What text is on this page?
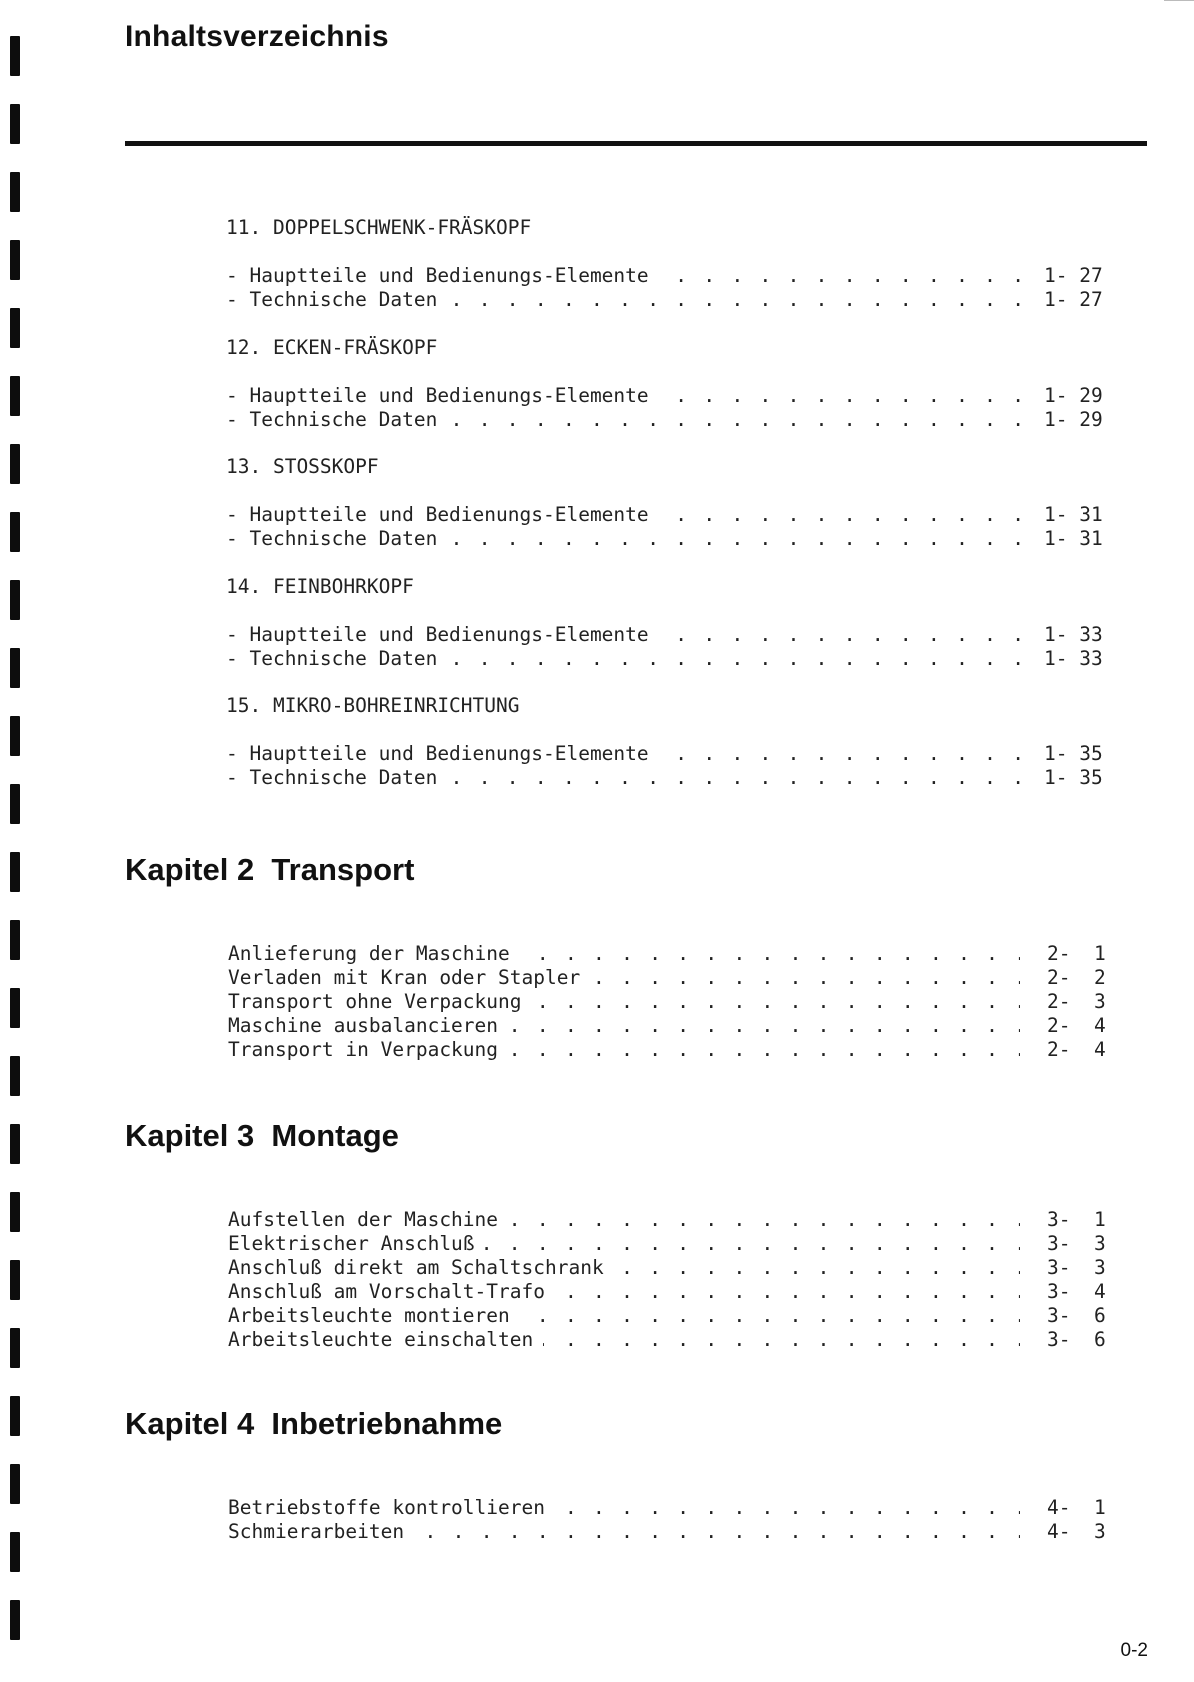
Inhaltsverzeichnis
11. DOPPELSCHWENK-FRÄSKOPF
. . .
- Hauptteile und Bedienungs-Elemente	1- 27
. . .
- Technische Daten	1- 27
12. ECKEN-FRÄSKOPF
. . .
- Hauptteile und Bedienungs-Elemente	1- 29
. . .
- Technische Daten	1- 29
13. STOSSKOPF
. . .
- Hauptteile und Bedienungs-Elemente	1- 31
. . .
- Technische Daten	1- 31
14. FEINBOHRKOPF
. . .
- Hauptteile und Bedienungs-Elemente	1- 33
. . .
- Technische Daten	1- 33
15. MIKRO-BOHREINRICHTUNG
. . .
- Hauptteile und Bedienungs-Elemente	1- 35
. . .
- Technische Daten	1- 35
. . .
Anlieferung der Maschine	2-  1
. . .
Verladen mit Kran oder Stapler	2-  2
. . .
Transport ohne Verpackung	2-  3
. . .
Maschine ausbalancieren	2-  4
. . .
Transport in Verpackung	2-  4
. . .
Aufstellen der Maschine	3-  1
. . .
Elektrischer Anschluß	3-  3
. . .
Anschluß direkt am Schaltschrank	3-  3
. . .
Anschluß am Vorschalt-Trafo	3-  4
. . .
Arbeitsleuchte montieren	3-  6
. . .
Arbeitsleuchte einschalten	3-  6
. . .
Betriebstoffe kontrollieren	4-  1
. . .
Schmierarbeiten	4-  3
0-2
Kapitel 2  Transport
Kapitel 3  Montage
Kapitel 4  Inbetriebnahme
